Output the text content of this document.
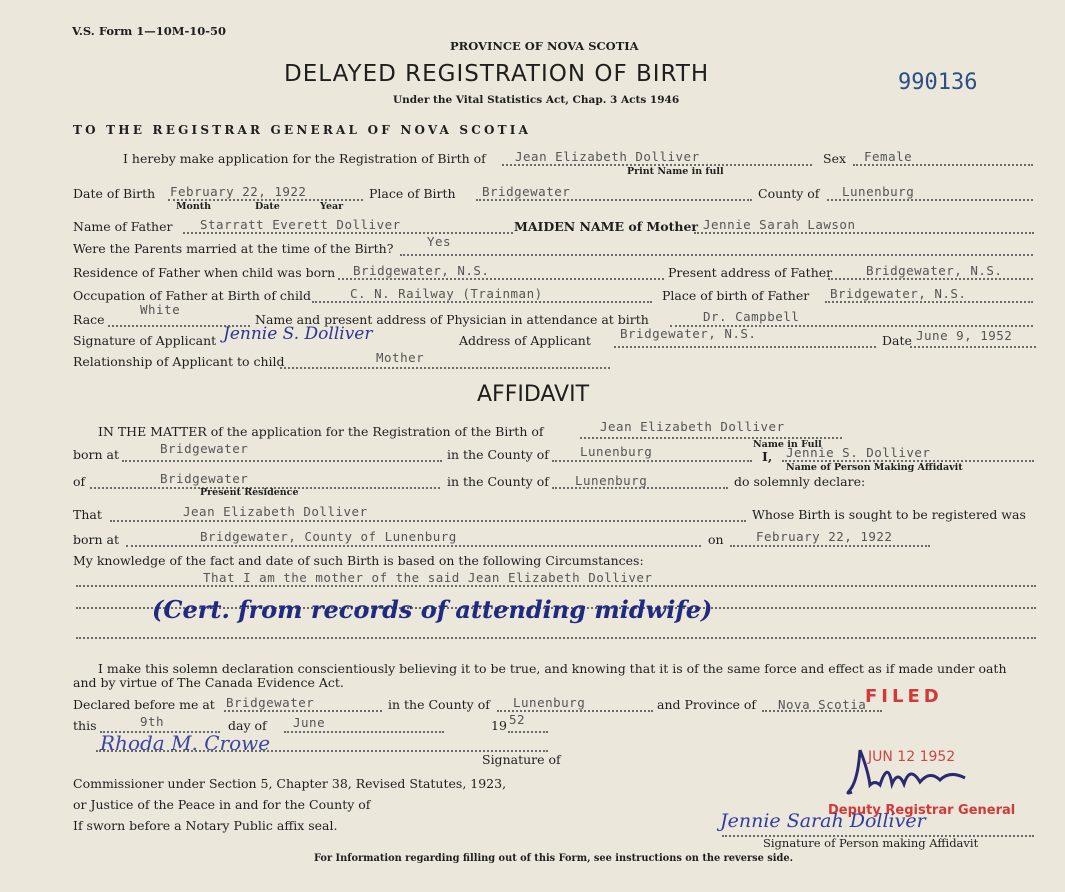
V.S. Form 1—10M-10-50
PROVINCE OF NOVA SCOTIA
DELAYED REGISTRATION OF BIRTH
Under the Vital Statistics Act, Chap. 3 Acts 1946
990136
TO THE REGISTRAR GENERAL OF NOVA SCOTIA
I hereby make application for the Registration of Birth of Jean Elizabeth Dolliver
Print Name in full
Sex Female
Date of Birth February 22, 1922
Month	Date	Year
Place of Birth Bridgewater	County of Lunenburg
Name of Father Starratt Everett Dolliver	MAIDEN NAME of Mother Jennie Sarah Lawson
Were the Parents married at the time of the Birth?	Yes
Residence of Father when child was born Bridgewater, N.S.	Present address of Father	Bridgewater, N.S.
Occupation of Father at Birth of child	C. N. Railway (Trainman)	Place of birth of Father Bridgewater, N.S.
Race
White
Name and present address of Physician in attendance at birth	Dr. Campbell
Signature of Applicant Jennie S. Dolliver	Address of Applicant Bridgewater, N.S.	Date June 9, 1952
Relationship of Applicant to child	Mother
AFFIDAVIT
IN THE MATTER of the application for the Registration of the Birth of	Jean Elizabeth Dolliver
Name in Full
born at	Bridgewater	in the County of Lunenburg	I, Jennie S. Dolliver
Name of Person Making Affidavit
of	Bridgewater
Present Residence
in the County of Lunenburg	do solemnly declare:
That	Jean Elizabeth Dolliver	Whose Birth is sought to be registered was
born at	Bridgewater, County of Lunenburg	on	February 22, 1922
My knowledge of the fact and date of such Birth is based on the following Circumstances:
That I am the mother of the said Jean Elizabeth Dolliver
(Cert. from records of attending midwife)
I make this solemn declaration conscientiously believing it to be true, and knowing that it is of the same force and effect as if made under oath
and by virtue of The Canada Evidence Act.
Declared before me at Bridgewater	in the County of Lunenburg	and Province of Nova Scotia
this	9th	day of June	19 52
Rhoda M. Crowe
Signature of
Commissioner under Section 5, Chapter 38, Revised Statutes, 1923,
or Justice of the Peace in and for the County of
If sworn before a Notary Public affix seal.
FILED
JUN 12 1952
Deputy Registrar General
Jennie Sarah Dolliver
Signature of Person making Affidavit
For Information regarding filling out of this Form, see instructions on the reverse side.
